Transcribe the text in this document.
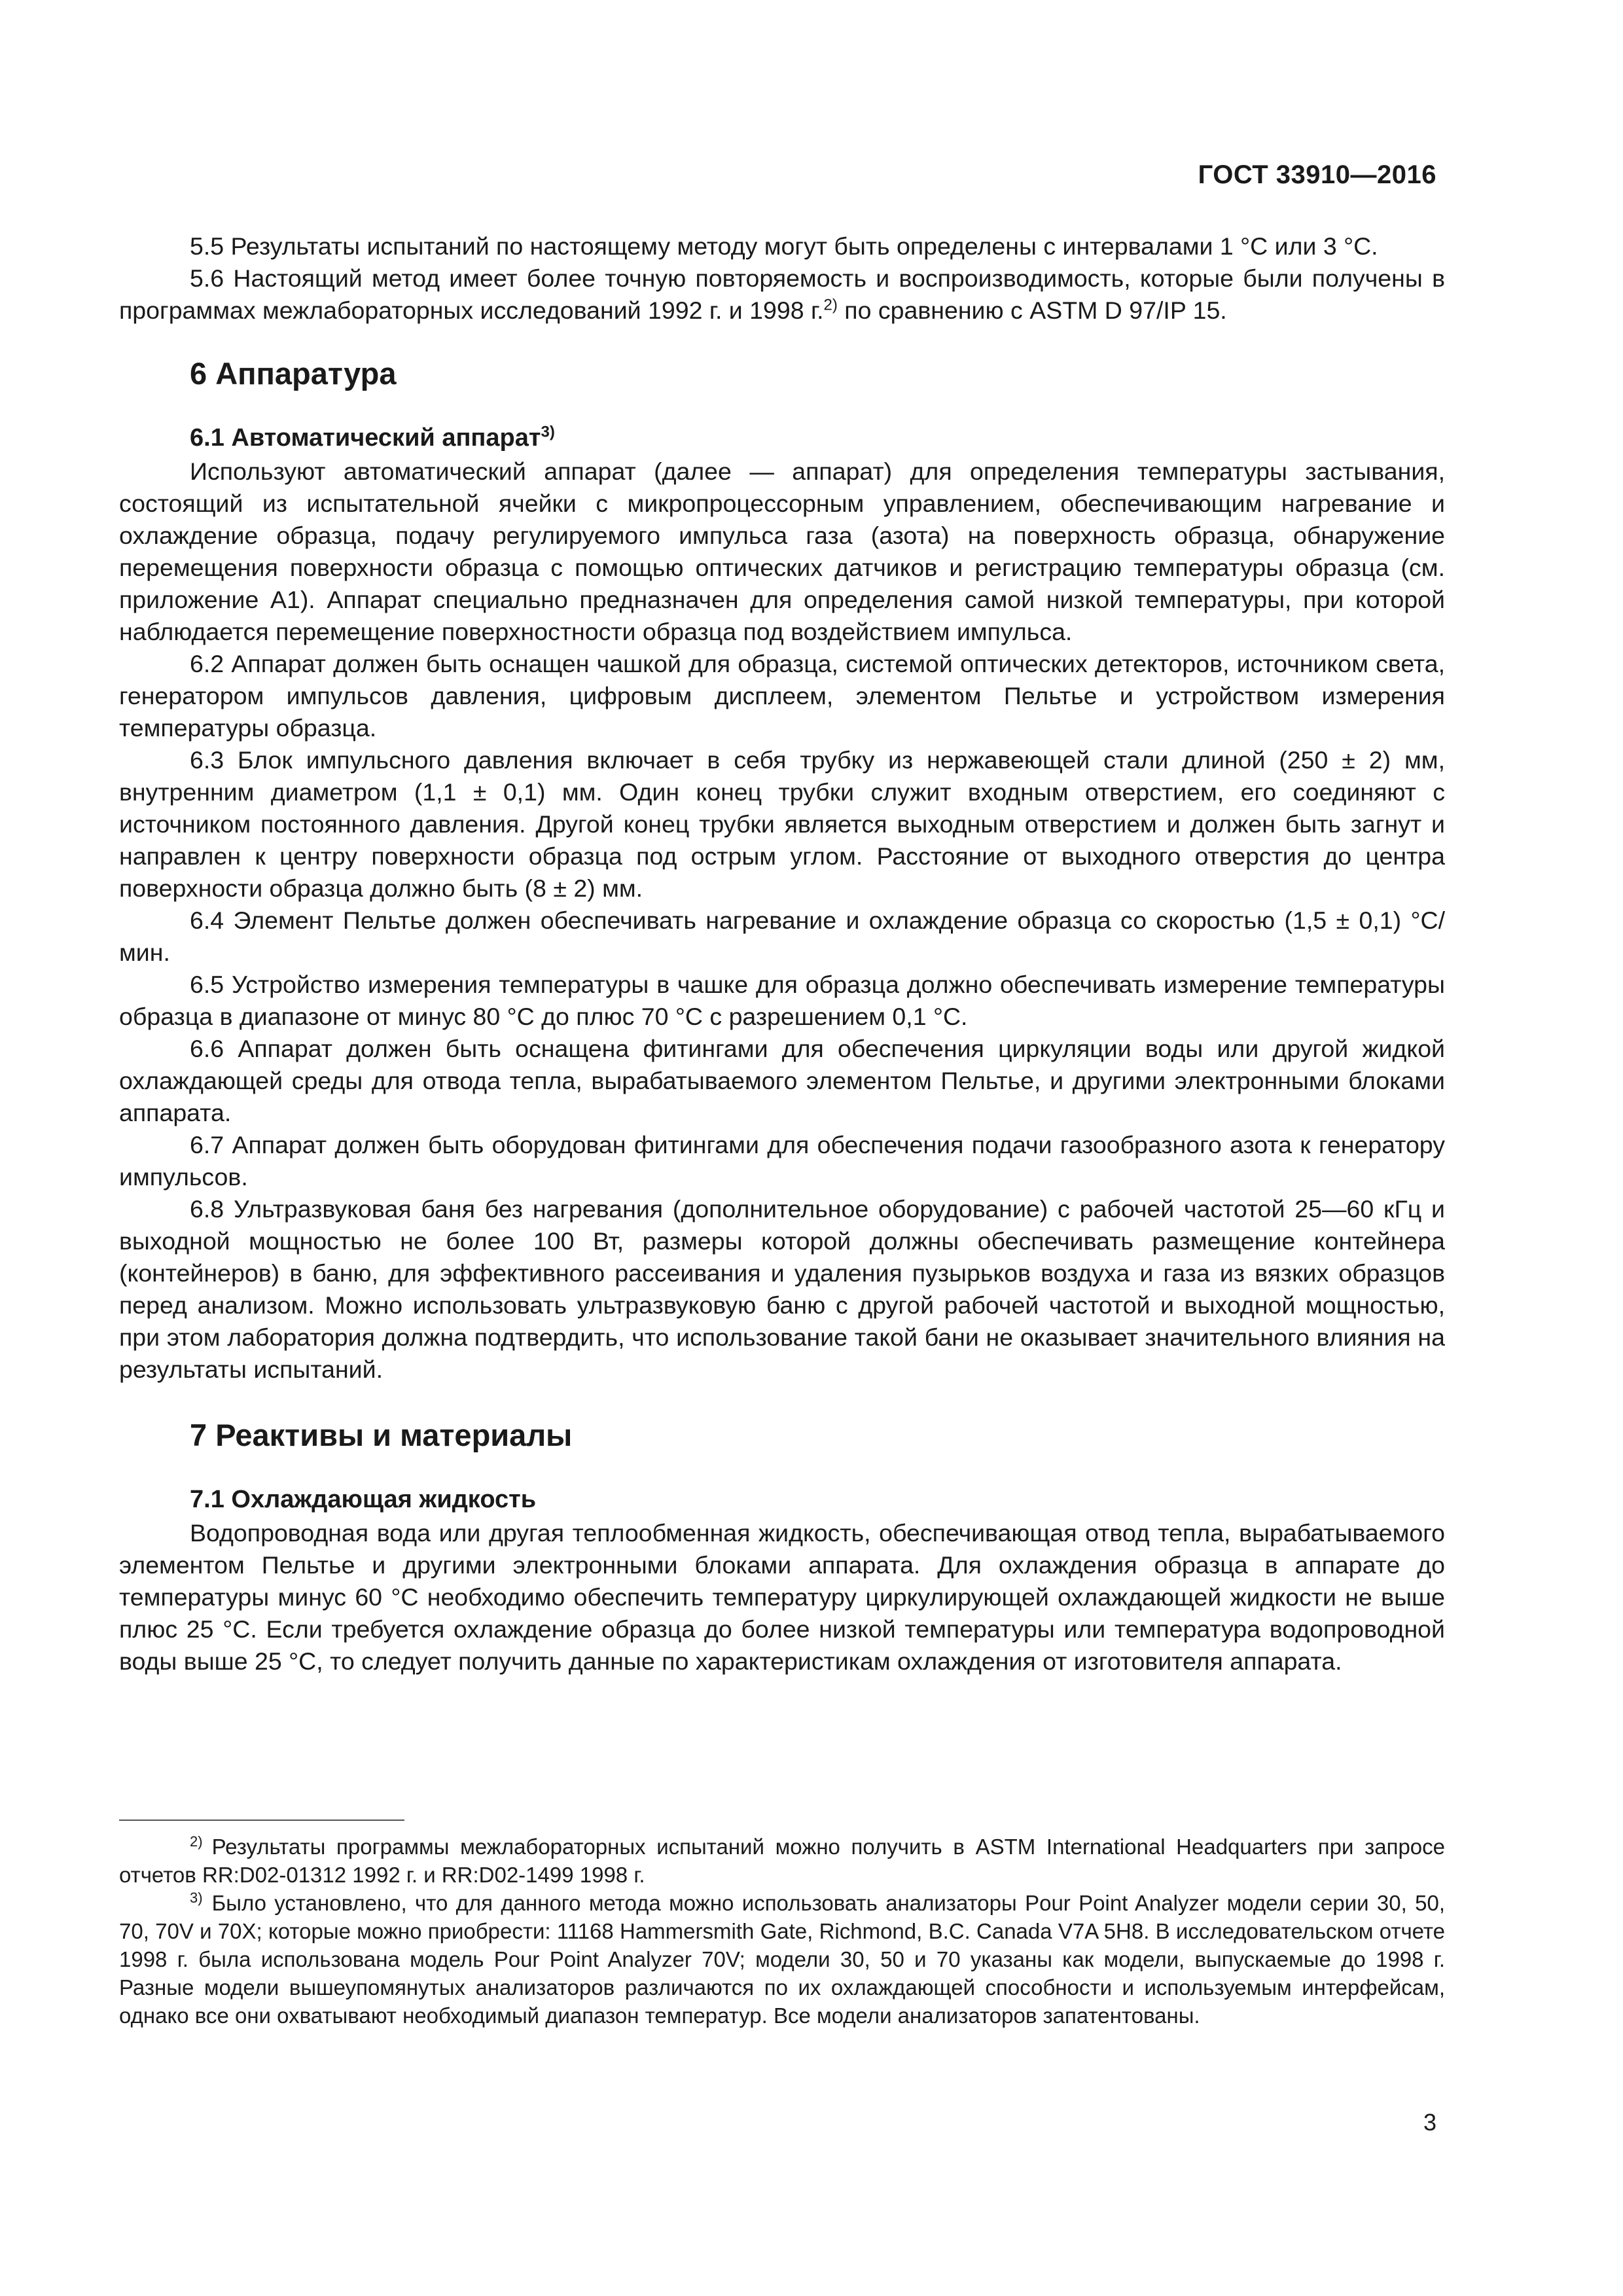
ГОСТ 33910—2016

5.5 Результаты испытаний по настоящему методу могут быть определены с интервалами 1 °С или 3 °С.

5.6 Настоящий метод имеет более точную повторяемость и воспроизводимость, которые были получены в программах межлабораторных исследований 1992 г. и 1998 г.$^{2)}$ по сравнению с ASTM D 97/IP 15.

6 Аппаратура
6.1 Автоматический аппарат$^{3)}$

Используют автоматический аппарат (далее — аппарат) для определения температуры застывания, состоящий из испытательной ячейки с микропроцессорным управлением, обеспечивающим нагревание и охлаждение образца, подачу регулируемого импульса газа (азота) на поверхность образца, обнаружение перемещения поверхности образца с помощью оптических датчиков и регистрацию температуры образца (см. приложение А1). Аппарат специально предназначен для определения самой низкой температуры, при которой наблюдается перемещение поверхностности образца под воздействием импульса.

6.2 Аппарат должен быть оснащен чашкой для образца, системой оптических детекторов, источником света, генератором импульсов давления, цифровым дисплеем, элементом Пельтье и устройством измерения температуры образца.

6.3 Блок импульсного давления включает в себя трубку из нержавеющей стали длиной (250 ± 2) мм, внутренним диаметром (1,1 ± 0,1) мм. Один конец трубки служит входным отверстием, его соединяют с источником постоянного давления. Другой конец трубки является выходным отверстием и должен быть загнут и направлен к центру поверхности образца под острым углом. Расстояние от выходного отверстия до центра поверхности образца должно быть (8 ± 2) мм.

6.4 Элемент Пельтье должен обеспечивать нагревание и охлаждение образца со скоростью (1,5 ± 0,1) °С/мин.

6.5 Устройство измерения температуры в чашке для образца должно обеспечивать измерение температуры образца в диапазоне от минус 80 °С до плюс 70 °С с разрешением 0,1 °С.

6.6 Аппарат должен быть оснащена фитингами для обеспечения циркуляции воды или другой жидкой охлаждающей среды для отвода тепла, вырабатываемого элементом Пельтье, и другими электронными блоками аппарата.

6.7 Аппарат должен быть оборудован фитингами для обеспечения подачи газообразного азота к генератору импульсов.

6.8 Ультразвуковая баня без нагревания (дополнительное оборудование) с рабочей частотой 25—60 кГц и выходной мощностью не более 100 Вт, размеры которой должны обеспечивать размещение контейнера (контейнеров) в баню, для эффективного рассеивания и удаления пузырьков воздуха и газа из вязких образцов перед анализом. Можно использовать ультразвуковую баню с другой рабочей частотой и выходной мощностью, при этом лаборатория должна подтвердить, что использование такой бани не оказывает значительного влияния на результаты испытаний.

7 Реактивы и материалы
7.1 Охлаждающая жидкость

Водопроводная вода или другая теплообменная жидкость, обеспечивающая отвод тепла, вырабатываемого элементом Пельтье и другими электронными блоками аппарата. Для охлаждения образца в аппарате до температуры минус 60 °С необходимо обеспечить температуру циркулирующей охлаждающей жидкости не выше плюс 25 °С. Если требуется охлаждение образца до более низкой температуры или температура водопроводной воды выше 25 °С, то следует получить данные по характеристикам охлаждения от изготовителя аппарата.

$^{2)}$ Результаты программы межлабораторных испытаний можно получить в ASTM International Headquarters при запросе отчетов RR:D02-01312 1992 г. и RR:D02-1499 1998 г.

$^{3)}$ Было установлено, что для данного метода можно использовать анализаторы Pour Point Analyzer модели серии 30, 50, 70, 70V и 70X; которые можно приобрести: 11168 Hammersmith Gate, Richmond, B.C. Canada V7A 5H8. В исследовательском отчете 1998 г. была использована модель Pour Point Analyzer 70V; модели 30, 50 и 70 указаны как модели, выпускаемые до 1998 г. Разные модели вышеупомянутых анализаторов различаются по их охлаждающей способности и используемым интерфейсам, однако все они охватывают необходимый диапазон температур. Все модели анализаторов запатентованы.

3
